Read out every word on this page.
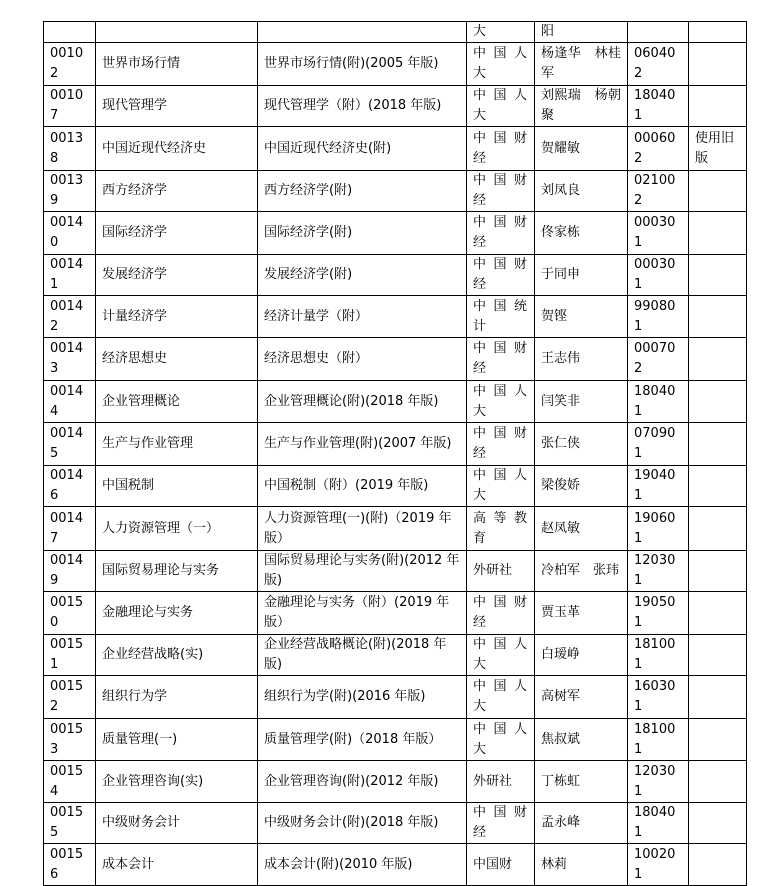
			大	阳		
00102	世界市场行情	世界市场行情(附)(2005 年版)	中国人大	杨逢华　林桂军	060402	
00107	现代管理学	现代管理学（附）(2018 年版)	中国人大	刘熙瑞　杨朝聚	180401	
00138	中国近现代经济史	中国近现代经济史(附)	中国财经	贺耀敏	000602	使用旧版
00139	西方经济学	西方经济学(附)	中国财经	刘凤良	021002	
00140	国际经济学	国际经济学(附)	中国财经	佟家栋	000301	
00141	发展经济学	发展经济学(附)	中国财经	于同申	000301	
00142	计量经济学	经济计量学（附）	中国统计	贺铿	990801	
00143	经济思想史	经济思想史（附）	中国财经	王志伟	000702	
00144	企业管理概论	企业管理概论(附)(2018 年版)	中国人大	闫笑非	180401	
00145	生产与作业管理	生产与作业管理(附)(2007 年版)	中国财经	张仁侠	070901	
00146	中国税制	中国税制（附）(2019 年版)	中国人大	梁俊娇	190401	
00147	人力资源管理（一）	人力资源管理(一)(附)（2019 年版）	高等教育	赵凤敏	190601	
00149	国际贸易理论与实务	国际贸易理论与实务(附)(2012 年版)	外研社	冷柏军　张玮	120301	
00150	金融理论与实务	金融理论与实务（附）(2019 年版）	中国财经	贾玉革	190501	
00151	企业经营战略(实)	企业经营战略概论(附)(2018 年版)	中国人大	白瑷峥	181001	
00152	组织行为学	组织行为学(附)(2016 年版)	中国人大	高树军	160301	
00153	质量管理(一)	质量管理学(附)（2018 年版）	中国人大	焦叔斌	181001	
00154	企业管理咨询(实)	企业管理咨询(附)(2012 年版)	外研社	丁栋虹	120301	
00155	中级财务会计	中级财务会计(附)(2018 年版)	中国财经	孟永峰	180401	
00156	成本会计	成本会计(附)(2010 年版)	中国财	林莉	100201	
